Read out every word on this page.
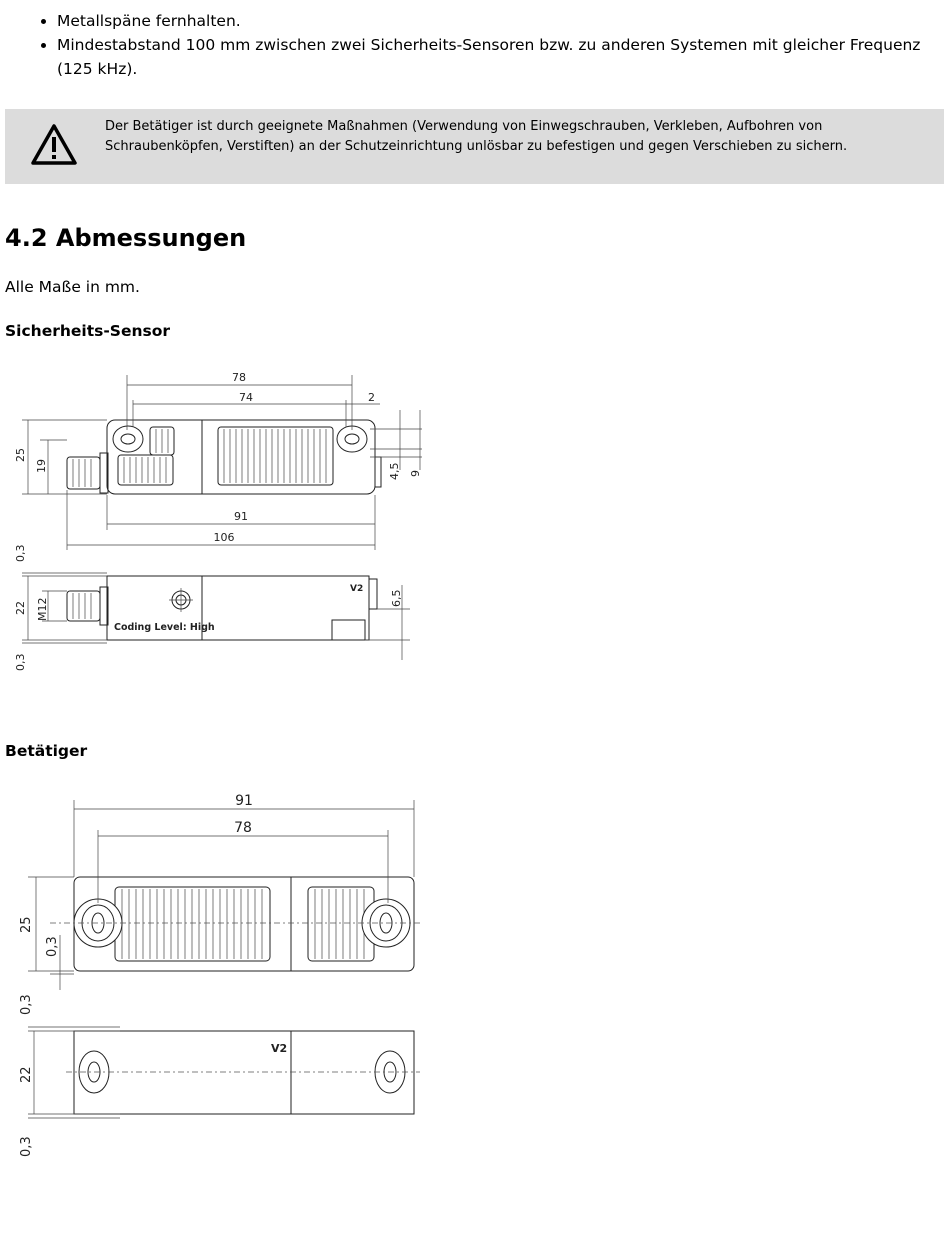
• Metallspäne fernhalten.
• Mindestabstand 100 mm zwischen zwei Sicherheits-Sensoren bzw. zu anderen Systemen mit gleicher Frequenz (125 kHz).
Der Betätiger ist durch geeignete Maßnahmen (Verwendung von Einwegschrauben, Verkleben, Aufbohren von Schraubenköpfen, Verstiften) an der Schutzeinrichtung unlösbar zu befestigen und gegen Verschieben zu sichern.
4.2 Abmessungen

Alle Maße in mm.

Sicherheits-Sensor
78
74	2
25
19	4,5 9
91
106
V2
Coding Level: High
0,3
22
0,3
M12	6,5
Betätiger
91
78
25
0,3
V2
0,3
22
0,3
